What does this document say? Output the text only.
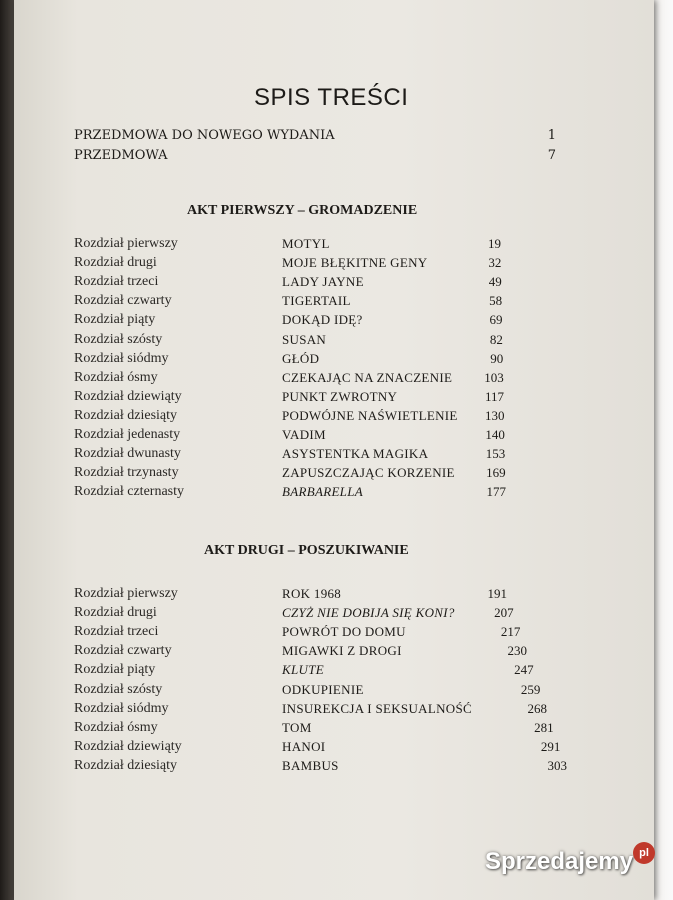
SPIS TREŚCI
PRZEDMOWA DO NOWEGO WYDANIA	1
PRZEDMOWA	7
AKT PIERWSZY – GROMADZENIE
Rozdział pierwszy	MOTYL	19
Rozdział drugi	MOJE BŁĘKITNE GENY	32
Rozdział trzeci	LADY JAYNE	49
Rozdział czwarty	TIGERTAIL	58
Rozdział piąty	DOKĄD IDĘ?	69
Rozdział szósty	SUSAN	82
Rozdział siódmy	GŁÓD	90
Rozdział ósmy	CZEKAJĄC NA ZNACZENIE	103
Rozdział dziewiąty	PUNKT ZWROTNY	117
Rozdział dziesiąty	PODWÓJNE NAŚWIETLENIE	130
Rozdział jedenasty	VADIM	140
Rozdział dwunasty	ASYSTENTKA MAGIKA	153
Rozdział trzynasty	ZAPUSZCZAJĄC KORZENIE	169
Rozdział czternasty	BARBARELLA	177
AKT DRUGI – POSZUKIWANIE
Rozdział pierwszy	ROK 1968	191
Rozdział drugi	CZYŻ NIE DOBIJA SIĘ KONI?	207
Rozdział trzeci	POWRÓT DO DOMU	217
Rozdział czwarty	MIGAWKI Z DROGI	230
Rozdział piąty	KLUTE	247
Rozdział szósty	ODKUPIENIE	259
Rozdział siódmy	INSUREKCJA I SEKSUALNOŚĆ	268
Rozdział ósmy	TOM	281
Rozdział dziewiąty	HANOI	291
Rozdział dziesiąty	BAMBUS	303
Sprzedajemy pl
